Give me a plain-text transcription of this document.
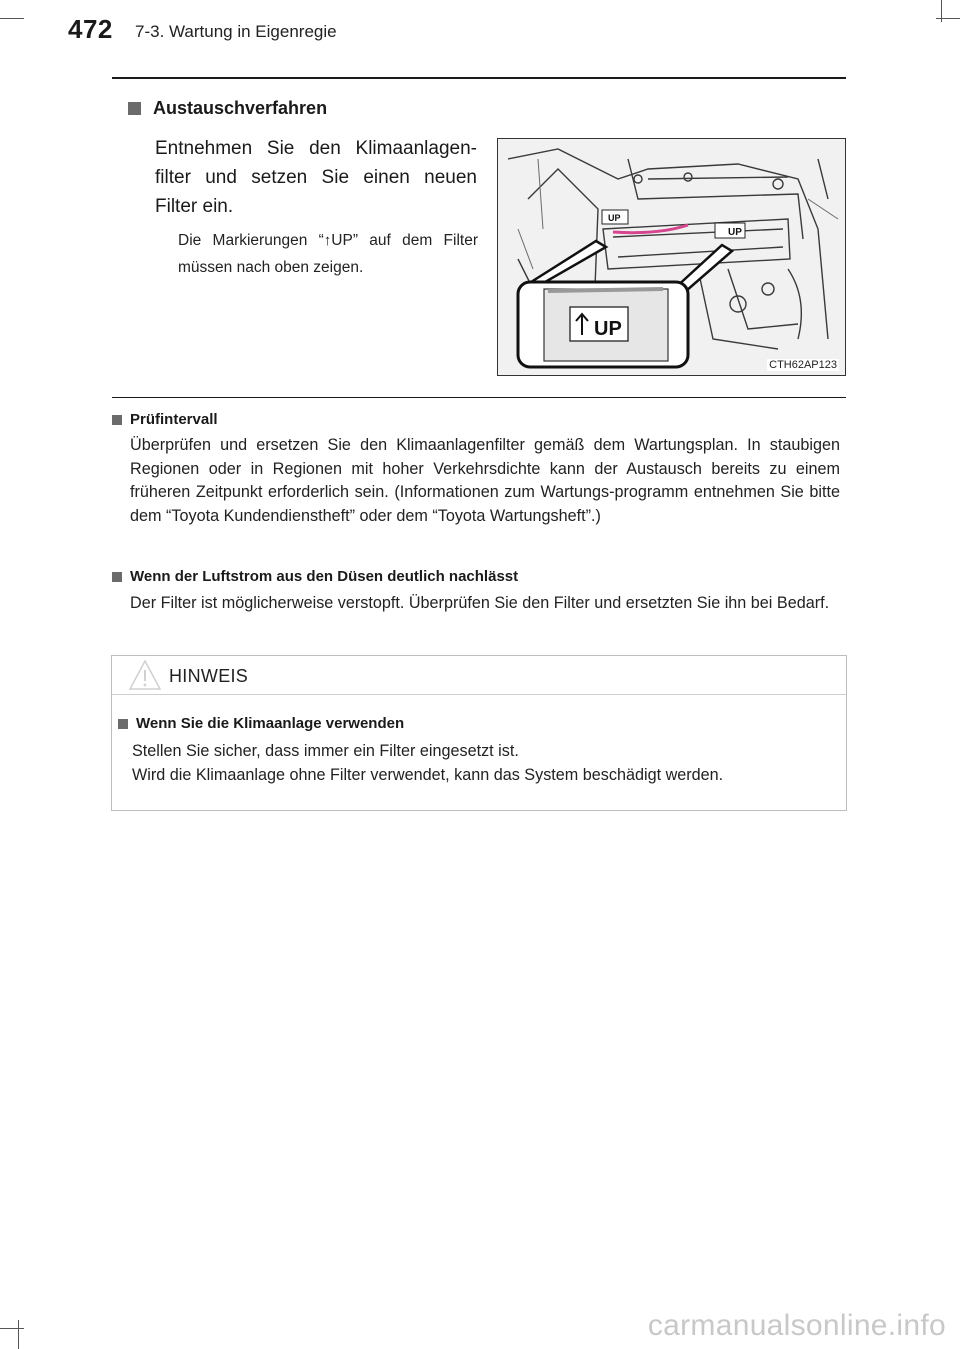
472 7-3. Wartung in Eigenregie
Austauschverfahren
Entnehmen Sie den Klimaanlagen-filter und setzen Sie einen neuen Filter ein.
Die Markierungen “↑UP” auf dem Filter müssen nach oben zeigen.
UP
UP
UP
CTH62AP123
Prüfintervall
Überprüfen und ersetzen Sie den Klimaanlagenfilter gemäß dem Wartungsplan. In staubigen Regionen oder in Regionen mit hoher Verkehrsdichte kann der Austausch bereits zu einem früheren Zeitpunkt erforderlich sein. (Informationen zum Wartungs-programm entnehmen Sie bitte dem “Toyota Kundendienstheft” oder dem “Toyota Wartungsheft”.)
Wenn der Luftstrom aus den Düsen deutlich nachlässt
Der Filter ist möglicherweise verstopft. Überprüfen Sie den Filter und ersetzten Sie ihn bei Bedarf.
HINWEIS
Wenn Sie die Klimaanlage verwenden
Stellen Sie sicher, dass immer ein Filter eingesetzt ist.
Wird die Klimaanlage ohne Filter verwendet, kann das System beschädigt werden.
carmanualsonline.info
